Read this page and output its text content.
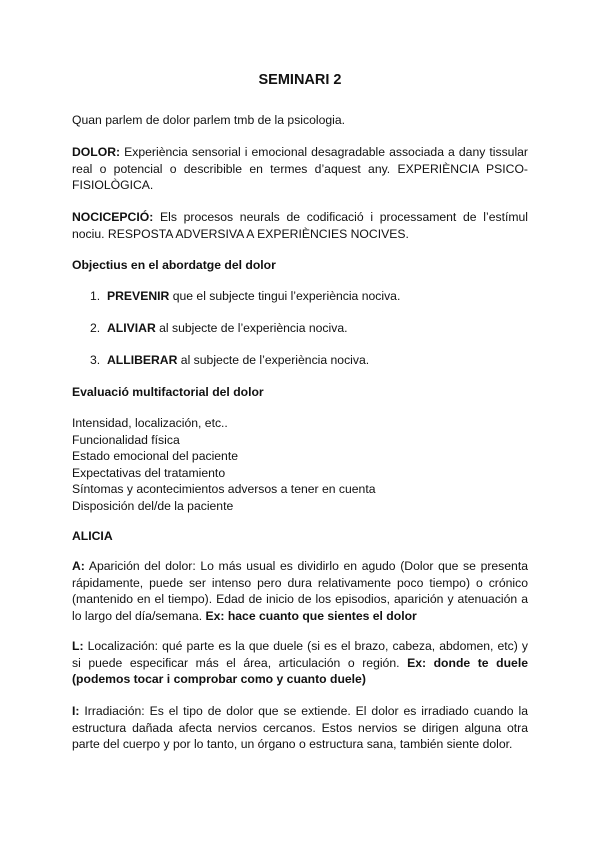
SEMINARI 2
Quan parlem de dolor parlem tmb de la psicologia.
DOLOR: Experiència sensorial i emocional desagradable associada a dany tissular real o potencial o describible en termes d’aquest any. EXPERIÈNCIA PSICO-FISIOLÒGICA.
NOCICEPCIÓ: Els procesos neurals de codificació i processament de l’estímul nociu. RESPOSTA ADVERSIVA A EXPERIÈNCIES NOCIVES.
Objectius en el abordatge del dolor
1. PREVENIR que el subjecte tingui l’experiència nociva.
2. ALIVIAR al subjecte de l’experiència nociva.
3. ALLIBERAR al subjecte de l’experiència nociva.
Evaluació multifactorial del dolor
Intensidad, localización, etc..
Funcionalidad física
Estado emocional del paciente
Expectativas del tratamiento
Síntomas y acontecimientos adversos a tener en cuenta
Disposición del/de la paciente
ALICIA
A: Aparición del dolor: Lo más usual es dividirlo en agudo (Dolor que se presenta rápidamente, puede ser intenso pero dura relativamente poco tiempo) o crónico (mantenido en el tiempo). Edad de inicio de los episodios, aparición y atenuación a lo largo del día/semana. Ex: hace cuanto que sientes el dolor
L: Localización: qué parte es la que duele (si es el brazo, cabeza, abdomen, etc) y si puede especificar más el área, articulación o región. Ex: donde te duele (podemos tocar i comprobar como y cuanto duele)
I: Irradiación: Es el tipo de dolor que se extiende. El dolor es irradiado cuando la estructura dañada afecta nervios cercanos. Estos nervios se dirigen alguna otra parte del cuerpo y por lo tanto, un órgano o estructura sana, también siente dolor.
